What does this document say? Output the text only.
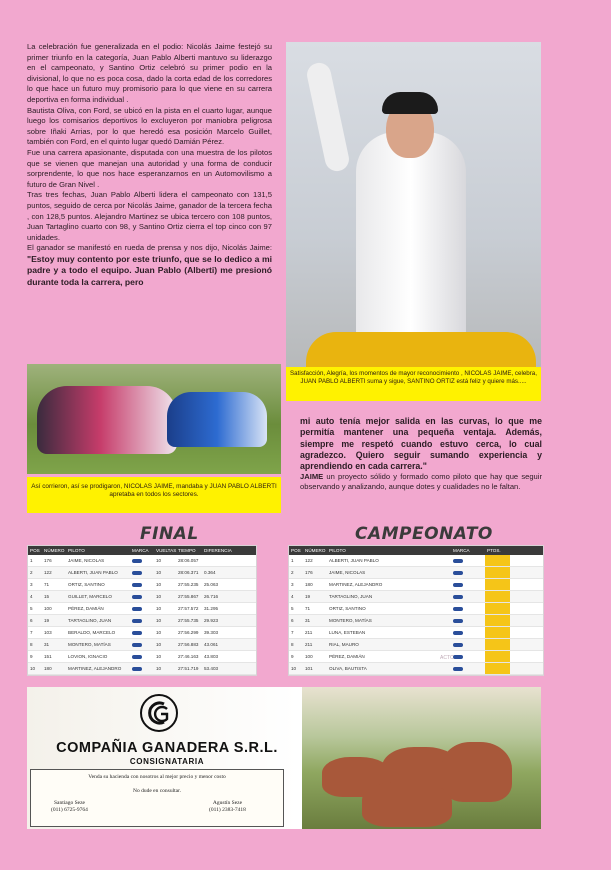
La celebración fue generalizada en el podio: Nicolás Jaime festejó su primer triunfo en la categoría, Juan Pablo Alberti mantuvo su liderazgo en el campeonato, y Santino Ortiz celebró su primer podio en la divisional, lo que no es poca cosa, dado la corta edad de los corredores lo que hace un futuro muy promisorio para lo que viene en su carrera deportiva en forma individual .

Bautista Oliva, con Ford, se ubicó en la pista en el cuarto lugar, aunque luego los comisarios deportivos lo excluyeron por maniobra peligrosa sobre Iñaki Arrias, por lo que heredó esa posición Marcelo Guillet, también con Ford, en el quinto lugar quedó Damián Pérez.

Fue una carrera apasionante, disputada con una muestra de los pilotos que se vienen que manejan una autoridad y una forma de conducir sorprendente, lo que nos hace esperanzarnos en un Automovilismo a futuro de Gran Nivel .

Tras tres fechas, Juan Pablo Alberti lidera el campeonato con 131,5 puntos, seguido de cerca por Nicolás Jaime, ganador de la tercera fecha , con 128,5 puntos. Alejandro Martinez se ubica tercero con 108 puntos, Juan Tartaglino cuarto con 98, y Santino Ortiz cierra el top cinco con 97 unidades.

El ganador se manifestó en rueda de prensa y nos dijo, Nicolás Jaime: "Estoy muy contento por este triunfo, que se lo dedico a mi padre y a todo el equipo. Juan Pablo (Alberti) me presionó durante toda la carrera, pero

Satisfacción, Alegría, los momentos de mayor reconocimiento , NICOLAS JAIME, celebra, JUAN PABLO ALBERTI suma y sigue, SANTINO ORTIZ está feliz y quiere más.....
Así corrieron, así se prodigaron, NICOLAS JAIME, mandaba y JUAN PABLO ALBERTI apretaba en todos los sectores.

mi auto tenía mejor salida en las curvas, lo que me permitía mantener una pequeña ventaja. Además, siempre me respetó cuando estuvo cerca, lo cual agradezco. Quiero seguir sumando experiencia y aprendiendo en cada carrera."

JAIME un proyecto sólido y formado como piloto que hay que seguir observando y analizando, aunque dotes y cualidades no le faltan.

FINAL	CAMPEONATO
POS NÚMERO PILOTO	MARCA	VUELTAS TIEMPO	DIFERENCIA
1	176	JAIME, NICOLAS	10	28:06.057
2	122	ALBERTI, JUAN PABLO	10	28:06.371	0.364
3	71	ORTIZ, SANTINO	10	27:55.235	25.063
4	15	GUILLET, MARCELO	10	27:55.867	26.716
5	100	PÉREZ, DAMIÁN	10	27:57.572	31.295
6	19	TARTAGLINO, JUAN	10	27:55.735	29.923
7	103	BERALDO, MARCELO	10	27:56.299	39.303
8	31	MONTERO, MATÍAS	10	27:56.883	43.061
9	151	LOVION, IGNACIO	10	27:46.163	43.803
10	180	MARTINEZ, ALEJANDRO	10	27:51.719	53.403
POS NÚMERO PILOTO	MARCA	PTOS.
1	122	ALBERTI, JUAN PABLO
2	176	JAIME, NICOLAS
3	180	MARTINEZ, ALEJANDRO
4	19	TARTAGLINO, JUAN
5	71	ORTIZ, SANTINO
6	31	MONTERO, MATÍAS
7	211	LUNA, ESTEBAN
8	211	RIAL, MAURO
9	100	PÉREZ, DAMIÁN
10	101	OLIVA, BAUTISTA
ACTC
COMPAÑIA GANADERA S.R.L.
CONSIGNATARIA
Venda su hacienda con nosotros al mejor precio y menor costo
No dude en consultar.
Santiago Seze
(011) 6725-9764
Agustín Seze
(011) 2383-7418
